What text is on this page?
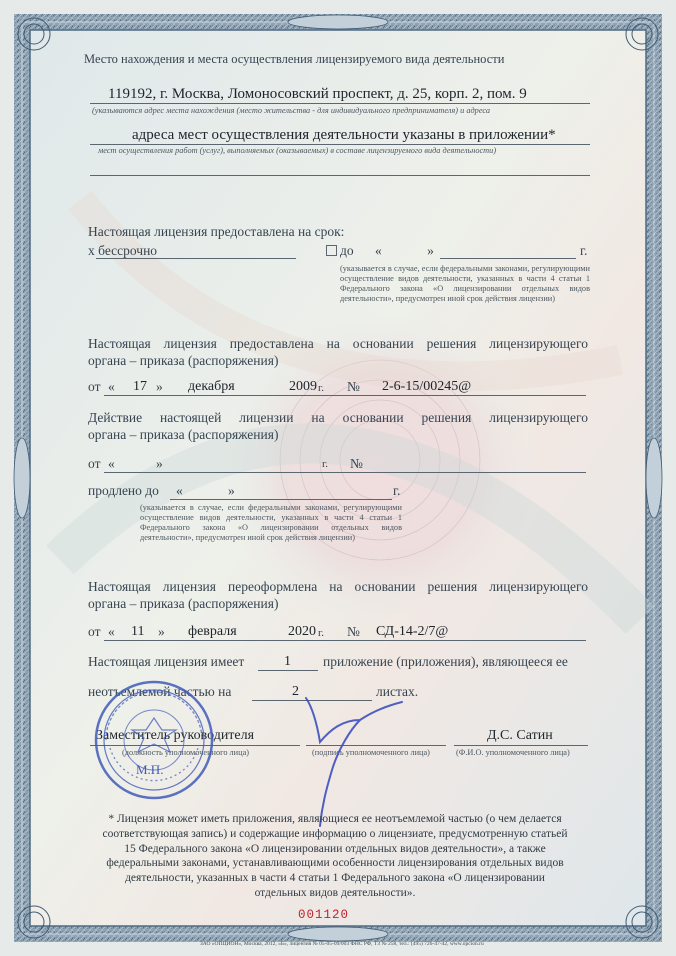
Место нахождения и места осуществления лицензируемого вида деятельности
119192, г. Москва, Ломоносовский проспект, д. 25, корп. 2, пом. 9
(указываются адрес места нахождения (место жительства - для индивидуального предпринимателя) и адреса
адреса мест осуществления деятельности указаны в приложении*
мест осуществления работ (услуг), выполняемых (оказываемых) в составе лицензируемого вида деятельности)
Настоящая лицензия предоставлена на срок:
x бессрочно	до «	»	г.
(указывается в случае, если федеральными законами, регулирующими осуществление видов деятельности, указанных в части 4 статьи 1 Федерального закона «О лицензировании отдельных видов деятельности», предусмотрен иной срок действия лицензии)
Настоящая лицензия предоставлена на основании решения лицензирующего
органа – приказа (распоряжения)
от « 17 » декабря	2009 г. № 2-6-15/00245@
Действие настоящей лицензии на основании решения лицензирующего
органа – приказа (распоряжения)
от «	»	г. №
продлено до «	»	г.
(указывается в случае, если федеральными законами, регулирующими осуществление видов деятельности, указанных в части 4 статьи 1 Федерального закона «О лицензировании отдельных видов деятельности», предусмотрен иной срок действия лицензии)
Настоящая лицензия переоформлена на основании решения лицензирующего
органа – приказа (распоряжения)
от « 11 » февраля	2020 г. № СД-14-2/7@
Настоящая лицензия имеет	1 приложение (приложения), являющееся ее
неотъемлемой частью на	2	листах.
Заместитель руководителя
(должность уполномоченного лица)	(подпись уполномоченного лица)
Д.С. Сатин
(Ф.И.О. уполномоченного лица)
М.П.
* Лицензия может иметь приложения, являющиеся ее неотъемлемой частью (о чем делается соответствующая запись) и содержащие информацию о лицензиате, предусмотренную статьей 15 Федерального закона «О лицензировании отдельных видов деятельности», а также федеральными законами, устанавливающими особенности лицензирования отдельных видов деятельности, указанных в части 4 статьи 1 Федерального закона «О лицензировании отдельных видов деятельности».
001120
ЗАО «ОПЦИОН», Москва, 2012, «Б», лицензия № 05-05-09/003 ФНС РФ, ТЗ № 258, тел.: (495) 726-47-42, www.opcion.ru
